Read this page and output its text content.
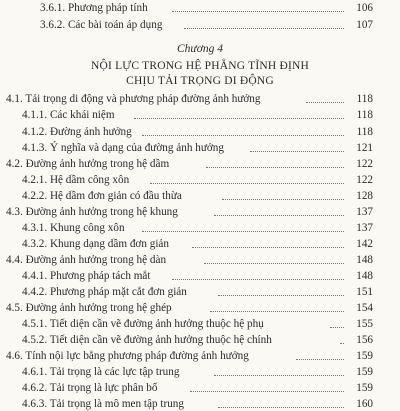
3.6.1. Phương pháp tính	106
3.6.2. Các bài toán áp dụng	107
Chương 4
NỘI LỰC TRONG HỆ PHẲNG TĨNH ĐỊNH
CHỊU TẢI TRỌNG DI ĐỘNG
4.1. Tải trọng di động và phương pháp đường ảnh hưởng	118
4.1.1. Các khái niệm	118
4.1.2. Đường ảnh hưởng	118
4.1.3. Ý nghĩa và dạng của đường ảnh hưởng	121
4.2. Đường ảnh hưởng trong hệ dầm	122
4.2.1. Hệ dầm công xôn	122
4.2.2. Hệ dầm đơn giản có đầu thừa	128
4.3. Đường ảnh hưởng trong hệ khung	137
4.3.1. Khung công xôn	137
4.3.2. Khung dạng dầm đơn giản	142
4.4. Đường ảnh hưởng trong hệ dàn	148
4.4.1. Phương pháp tách mắt	148
4.4.2. Phương pháp mặt cắt đơn giản	151
4.5. Đường ảnh hưởng trong hệ ghép	154
4.5.1. Tiết diện cần vẽ đường ảnh hưởng thuộc hệ phụ	155
4.5.2. Tiết diện cần vẽ đường ảnh hưởng thuộc hệ chính	156
4.6. Tính nội lực bằng phương pháp đường ảnh hưởng	159
4.6.1. Tải trọng là các lực tập trung	159
4.6.2. Tải trọng là lực phân bố	159
4.6.3. Tải trọng là mô men tập trung	160
